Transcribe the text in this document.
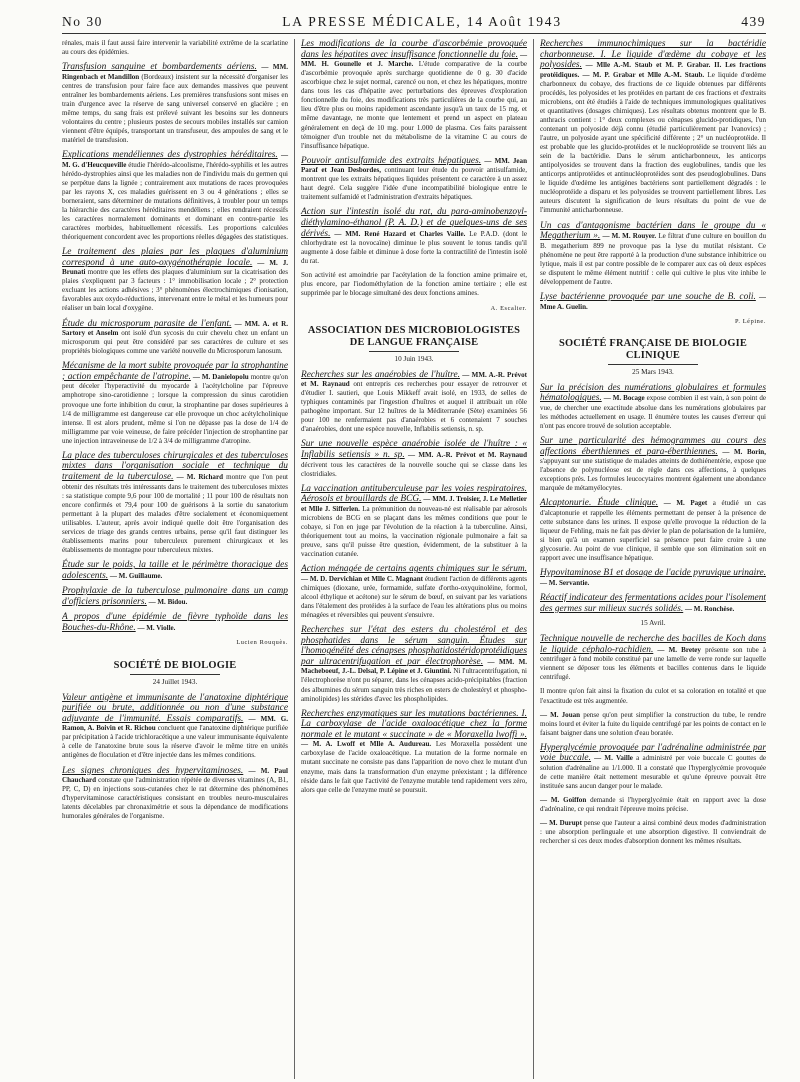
No 30	LA PRESSE MÉDICALE, 14 Août 1943	439

rénales, mais il faut aussi faire intervenir la variabilité extrême de la scarlatine au cours des épidémies.

Transfusion sanguine et bombardements aériens. — MM. Ringenbach et Mandillon (Bordeaux) insistent sur la nécessité d'organiser les centres de transfusion pour faire face aux demandes massives que peuvent entraîner les bombardements aériens. Les premières transfusions sont mises en train d'urgence avec la réserve de sang universel conservé en glacière ; en même temps, du sang frais est prélevé suivant les besoins sur les donneurs volontaires du centre ; plusieurs postes de secours mobiles installés sur camion viennent d'être équipés, transportant un transfuseur, des ampoules de sang et le matériel de transfusion.

Explications mendéliennes des dystrophies héréditaires. — M. G. d'Heucqueville étudie l'hérédo-alcoolisme, l'hérédo-syphilis et les autres hérédo-dystrophies ainsi que les maladies non de l'individu mais du germen qui se perpétue dans la lignée ; contrairement aux mutations de races provoquées par les rayons X, ces maladies guérissent en 3 ou 4 générations ; elles se borneraient, sans déterminer de mutations définitives, à troubler pour un temps la hiérarchie des caractères héréditaires mendéliens ; elles rendraient récessifs les caractères normalement dominants et dominant en contre-partie les caractères morbides, habituellement récessifs. Les proportions calculées théoriquement concordent avec les proportions réelles dégagées des statistiques.

Le traitement des plaies par les plaques d'aluminium correspond à une auto-oxygénothérapie locale. — M. J. Brunati montre que les effets des plaques d'aluminium sur la cicatrisation des plaies s'expliquent par 3 facteurs : 1° immobilisation locale ; 2° protection excluant les actions adhésives ; 3° phénomènes électrochimiques d'ionisation, favorables aux oxydo-réductions, intervenant entre le métal et les humeurs pour réaliser un bain local d'oxygène.

Étude du microsporum parasite de l'enfant. — MM. A. et R. Sartory et Anselm ont isolé d'un sycosis du cuir chevelu chez un enfant un microsporum qui peut être considéré par ses caractères de culture et ses propriétés biologiques comme une variété nouvelle du Microsporum lanosum.

Mécanisme de la mort subite provoquée par la strophantine ; action empêchante de l'atropine. — M. Danielopolu montre qu'on peut déceler l'hyperactivité du myocarde à l'acétylcholine par l'épreuve amphotrope sino-carotidienne ; lorsque la compression du sinus carotidien provoque une forte inhibition du cœur, la strophantine par doses supérieures à 1/4 de milligramme est dangereuse car elle provoque un choc acétylcholinique intense. Il est alors prudent, même si l'on ne dépasse pas la dose de 1/4 de milligramme par voie veineuse, de faire précéder l'injection de strophantine par une injection intraveineuse de 1/2 à 3/4 de milligramme d'atropine.

La place des tuberculoses chirurgicales et des tuberculoses mixtes dans l'organisation sociale et technique du traitement de la tuberculose. — M. Richard montre que l'on peut obtenir des résultats très intéressants dans le traitement des tuberculoses mixtes : sa statistique compte 9,6 pour 100 de mortalité ; 11 pour 100 de résultats non encore confirmés et 79,4 pour 100 de guérisons à la sortie du sanatorium permettant à la plupart des malades d'être socialement et économiquement utilisables. L'auteur, après avoir indiqué quelle doit être l'organisation des services de triage des grands centres urbains, pense qu'il faut distinguer les établissements marins pour tuberculeux purement chirurgicaux et les établissements de montagne pour tuberculeux mixtes.

Étude sur le poids, la taille et le périmètre thoracique des adolescents. — M. Guillaume.

Prophylaxie de la tuberculose pulmonaire dans un camp d'officiers prisonniers. — M. Bidou.

A propos d'une épidémie de fièvre typhoïde dans les Bouches-du-Rhône. — M. Violle.

Lucien Rouquès.
SOCIÉTÉ DE BIOLOGIE
24 Juillet 1943.

Valeur antigène et immunisante de l'anatoxine diphtérique purifiée ou brute, additionnée ou non d'une substance adjuvante de l'immunité. Essais comparatifs. — MM. G. Ramon, A. Boivin et R. Richou concluent que l'anatoxine diphtérique purifiée par précipitation à l'acide trichloracétique a une valeur immunisante équivalente à celle de l'anatoxine brute sous la réserve d'avoir le même titre en unités antigènes de floculation et d'être injectée dans les mêmes conditions.

Les signes chroniques des hypervitaminoses. — M. Paul Chauchard constate que l'administration répétée de diverses vitamines (A, B1, PP, C, D) en injections sous-cutanées chez le rat détermine des phénomènes d'hypervitaminose caractéristiques consistant en troubles neuro-musculaires latents décelables par chronaximétrie et sous la dépendance de modifications humorales générales de l'organisme.

Les modifications de la courbe d'ascorbémie provoquée dans les hépatites avec insuffisance fonctionnelle du foie. — MM. H. Gounelle et J. Marche. L'étude comparative de la courbe d'ascorbémie provoquée après surcharge quotidienne de 0 g. 30 d'acide ascorbique chez le sujet normal, carencé ou non, et chez les hépatiques, montre dans tous les cas d'hépatite avec perturbations des épreuves d'exploration fonctionnelle du foie, des modifications très particulières de la courbe qui, au lieu d'être plus ou moins rapidement ascendante jusqu'à un taux de 15 mg. et même davantage, ne monte que lentement et prend un aspect en plateau généralement en deçà de 10 mg. pour 1.000 de plasma. Ces faits paraissent témoigner d'un trouble net du métabolisme de la vitamine C au cours de l'insuffisance hépatique.

Pouvoir antisulfamide des extraits hépatiques. — MM. Jean Paraf et Jean Desbordes, continuant leur étude du pouvoir antisulfamide, montrent que les extraits hépatiques liquides présentent ce caractère à un assez haut degré. Cela suggère l'idée d'une incompatibilité biologique entre le traitement sulfamidé et l'administration d'extraits hépatiques.

Action sur l'intestin isolé du rat, du para-aminobenzoyl-diéthylamino-éthanol (P. A. D.) et de quelques-uns de ses dérivés. — MM. René Hazard et Charles Vaille. Le P.A.D. (dont le chlorhydrate est la novocaïne) diminue le plus souvent le tonus tandis qu'il augmente à dose faible et diminue à dose forte la contractilité de l'intestin isolé du rat.

Son activité est amoindrie par l'acétylation de la fonction amine primaire et, plus encore, par l'iodométhylation de la fonction amine tertiaire ; elle est supprimée par le blocage simultané des deux fonctions amines.

A. Escalier.
ASSOCIATION DES MICROBIOLOGISTES DE LANGUE FRANÇAISE
10 Juin 1943.

Recherches sur les anaérobies de l'huître. — MM. A.-R. Prévot et M. Raynaud ont entrepris ces recherches pour essayer de retrouver et d'étudier I. sautieri, que Louis Mikkeff avait isolé, en 1933, de selles de typhiques contaminés par l'ingestion d'huîtres et auquel il attribuait un rôle pathogène important. Sur 12 huîtres de la Méditerranée (Sète) examinées 56 pour 100 ne renfermaient pas d'anaérobies et 6 contenaient 7 souches d'anaérobies, dont une espèce nouvelle, Inflabilis setiensis, n. sp.

Sur une nouvelle espèce anaérobie isolée de l'huître : « Inflabilis setiensis » n. sp. — MM. A.-R. Prévot et M. Raynaud décrivent tous les caractères de la nouvelle souche qui se classe dans les clostridiales.

La vaccination antituberculeuse par les voies respiratoires. Aérosols et brouillards de BCG. — MM. J. Troisier, J. Le Melletier et Mlle J. Sifferlen. La prémunition du nouveau-né est réalisable par aérosols microbiens de BCG en se plaçant dans les mêmes conditions que pour le cobaye, si l'on en juge par l'évolution de la réaction à la tuberculine. Ainsi, théoriquement tout au moins, la vaccination régionale pulmonaire a fait sa preuve, sans qu'il puisse être question, évidemment, de la substituer à la vaccination cutanée.

Action ménagée de certains agents chimiques sur le sérum. — M. D. Dervichian et Mlle C. Magnant étudient l'action de différents agents chimiques (dioxane, urée, formamide, sulfate d'ortho-oxyquinoléine, formol, alcool éthylique et acétone) sur le sérum de bœuf, en suivant par les variations dans l'étalement des protéides à la surface de l'eau les altérations plus ou moins ménagées et réversibles qui peuvent s'ensuivre.

Recherches sur l'état des esters du cholestérol et des phosphatides dans le sérum sanguin. Études sur l'homogénéité des cénapses phosphatidostéridoprotéidiques par ultracentrifugation et par électrophorèse. — MM. M. Macheboeuf, J.-L. Delsal, P. Lépine et J. Giuntini. Ni l'ultracentrifugation, ni l'électrophorèse n'ont pu séparer, dans les cénapses acido-précipitables (fraction des albumines du sérum sanguin très riches en esters de cholestéryl et phospho-aminolipides) les stérides d'avec les phospholipides.

Recherches enzymatiques sur les mutations bactériennes. I. La carboxylase de l'acide oxaloacétique chez la forme normale et le mutant « succinate » de « Moraxella lwoffi ». — M. A. Lwoff et Mlle A. Audureau. Les Moraxella possèdent une carboxylase de l'acide oxaloacétique. La mutation de la forme normale en mutant succinate ne consiste pas dans l'apparition de novo chez le mutant d'un enzyme, mais dans la transformation d'un enzyme préexistant ; la différence réside dans le fait que l'activité de l'enzyme mutable tend rapidement vers zéro, alors que celle de l'enzyme muté se poursuit.

Recherches immunochimiques sur la bactéridie charbonneuse. I. Le liquide d'œdème du cobaye et les polyosides. — Mlle A.-M. Staub et M. P. Grabar. II. Les fractions protéidiques. — M. P. Grabar et Mlle A.-M. Staub. Le liquide d'œdème charbonneux du cobaye, des fractions de ce liquide obtenues par différents procédés, les polyosides et les protéides en partant de ces fractions et d'extraits microbiens, ont été étudiés à l'aide de techniques immunologiques qualitatives et quantitatives (dosages chimiques). Les résultats obtenus montrent que le B. anthracis contient : 1° deux complexes ou cénapses glucido-protidiques, l'un contenant un polyoside déjà connu (étudié particulièrement par Ivanovics) ; l'autre, un polyoside ayant une spécificité différente ; 2° un nucléoprotéide. Il est probable que les glucido-protéides et le nucléoprotéide se trouvent liés au sein de la bactéridie. Dans le sérum anticharbonneux, les anticorps antipolyosides se trouvent dans la fraction des euglobulines, tandis que les anticorps antiprotéides et antinucléoprotéides sont des pseudoglobulines. Dans le liquide d'œdème les antigènes bactériens sont partiellement dégradés : le nucléoprotéide a disparu et les polyosides se trouvent partiellement libres. Les auteurs discutent la signification de leurs résultats du point de vue de l'immunité anticharbonneuse.

Un cas d'antagonisme bactérien dans le groupe du « Megatherium ». — M. M. Rouyer. Le filtrat d'une culture en bouillon du B. megatherium 899 ne provoque pas la lyse du mutilat résistant. Ce phénomène ne peut être rapporté à la production d'une substance inhibitrice ou lytique, mais il est par contre possible de le comparer aux cas où deux espèces se disputent le même élément nutritif : celle qui cultive le plus vite inhibe le développement de l'autre.

Lyse bactérienne provoquée par une souche de B. coli. — Mme A. Guelin.

P. Lépine.
SOCIÉTÉ FRANÇAISE DE BIOLOGIE CLINIQUE
25 Mars 1943.

Sur la précision des numérations globulaires et formules hématologiques. — M. Bocage expose combien il est vain, à son point de vue, de chercher une exactitude absolue dans les numérations globulaires par les méthodes actuellement en usage. Il énumère toutes les causes d'erreur qui n'ont pas encore trouvé de solution acceptable.

Sur une particularité des hémogrammes au cours des affections éberthiennes et para-éberthiennes. — M. Borin, s'appuyant sur une statistique de malades atteints de dothiénentérie, expose que l'absence de polynucléose est de règle dans ces affections, à quelques exceptions près. Les formules leucocytaires montrent également une abondance marquée de métamyélocytes.

Alcaptonurie. Étude clinique. — M. Paget a étudié un cas d'alcaptonurie et rappelle les éléments permettant de penser à la présence de cette substance dans les urines. Il expose qu'elle provoque la réduction de la liqueur de Fehling, mais ne fait pas dévier le plan de polarisation de la lumière, si bien qu'à un examen superficiel sa présence peut faire croire à une glycosurie. Au point de vue clinique, il semble que son élimination soit en rapport avec une insuffisance hépatique.

Hypovitaminose B1 et dosage de l'acide pyruvique urinaire. — M. Servantie.

Réactif indicateur des fermentations acides pour l'isolement des germes sur milieux sucrés solidés. — M. Ronchèse.

15 Avril.

Technique nouvelle de recherche des bacilles de Koch dans le liquide céphalo-rachidien. — M. Bretey présente son tube à centrifuger à fond mobile constitué par une lamelle de verre ronde sur laquelle viennent se déposer tous les éléments et bacilles contenus dans le liquide centrifugé.

Il montre qu'on fait ainsi la fixation du culot et sa coloration en totalité et que l'exactitude est très augmentée.

— M. Jouan pense qu'on peut simplifier la construction du tube, le rendre moins lourd et éviter la fuite du liquide centrifugé par les points de contact en le faisant baigner dans une solution d'eau boratée.

Hyperglycémie provoquée par l'adrénaline administrée par voie buccale. — M. Vaille a administré per voie buccale C gouttes de solution d'adrénaline au 1/1.000. Il a constaté que l'hyperglycémie provoquée de cette manière était nettement mesurable et qu'une épreuve pouvait être instituée sans aucun danger pour le malade.

— M. Goiffon demande si l'hyperglycémie était en rapport avec la dose d'adrénaline, ce qui rendrait l'épreuve moins précise.

— M. Durupt pense que l'auteur a ainsi combiné deux modes d'administration : une absorption perlinguale et une absorption digestive. Il conviendrait de rechercher si ces deux modes d'absorption donnent les mêmes résultats.
